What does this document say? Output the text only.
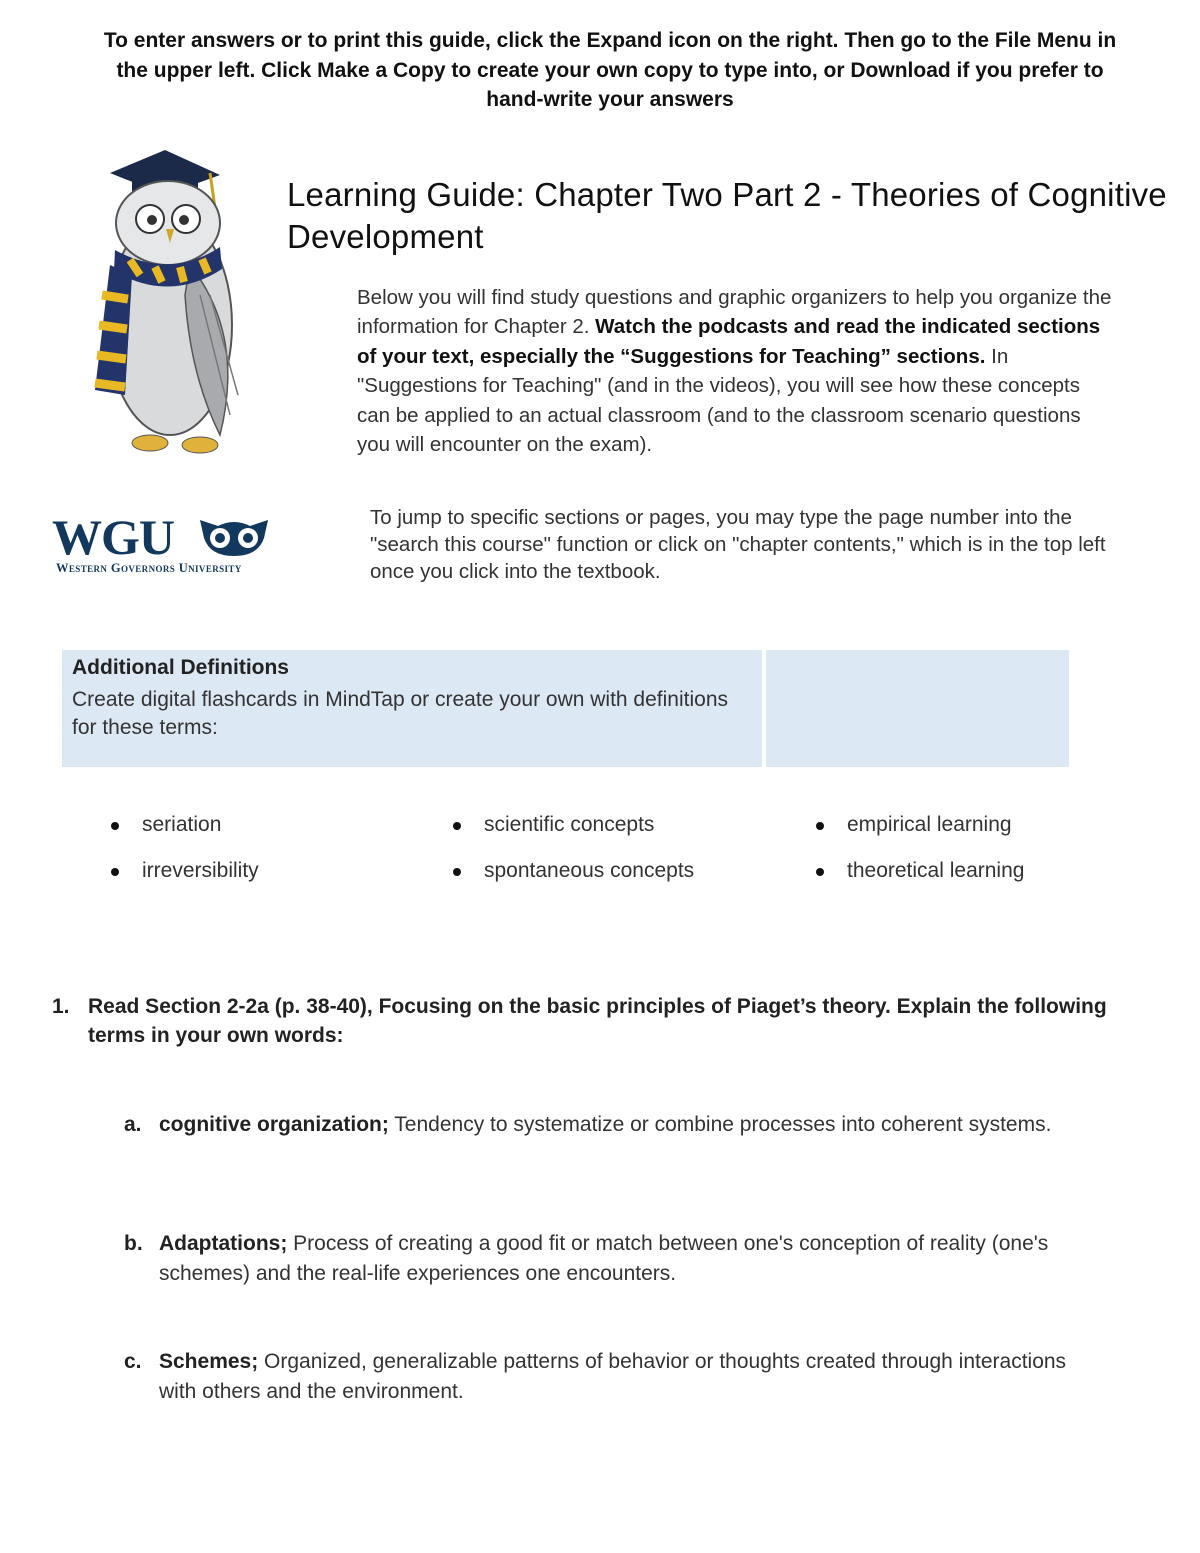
To enter answers or to print this guide, click the Expand icon on the right. Then go to the File Menu in the upper left. Click Make a Copy to create your own copy to type into, or Download if you prefer to hand-write your answers
Learning Guide: Chapter Two Part 2 - Theories of Cognitive Development
Below you will find study questions and graphic organizers to help you organize the information for Chapter 2. Watch the podcasts and read the indicated sections of your text, especially the “Suggestions for Teaching” sections. In "Suggestions for Teaching" (and in the videos), you will see how these concepts can be applied to an actual classroom (and to the classroom scenario questions you will encounter on the exam).
WGU
Western Governors University
To jump to specific sections or pages, you may type the page number into the "search this course" function or click on "chapter contents," which is in the top left once you click into the textbook.
Additional Definitions
Create digital flashcards in MindTap or create your own with definitions for these terms:
seriation
irreversibility
scientific concepts
spontaneous concepts
empirical learning
theoretical learning
1. Read Section 2-2a (p. 38-40), Focusing on the basic principles of Piaget’s theory. Explain the following terms in your own words:
a. cognitive organization; Tendency to systematize or combine processes into coherent systems.
b. Adaptations; Process of creating a good fit or match between one's conception of reality (one's schemes) and the real-life experiences one encounters.
c. Schemes; Organized, generalizable patterns of behavior or thoughts created through interactions with others and the environment.
